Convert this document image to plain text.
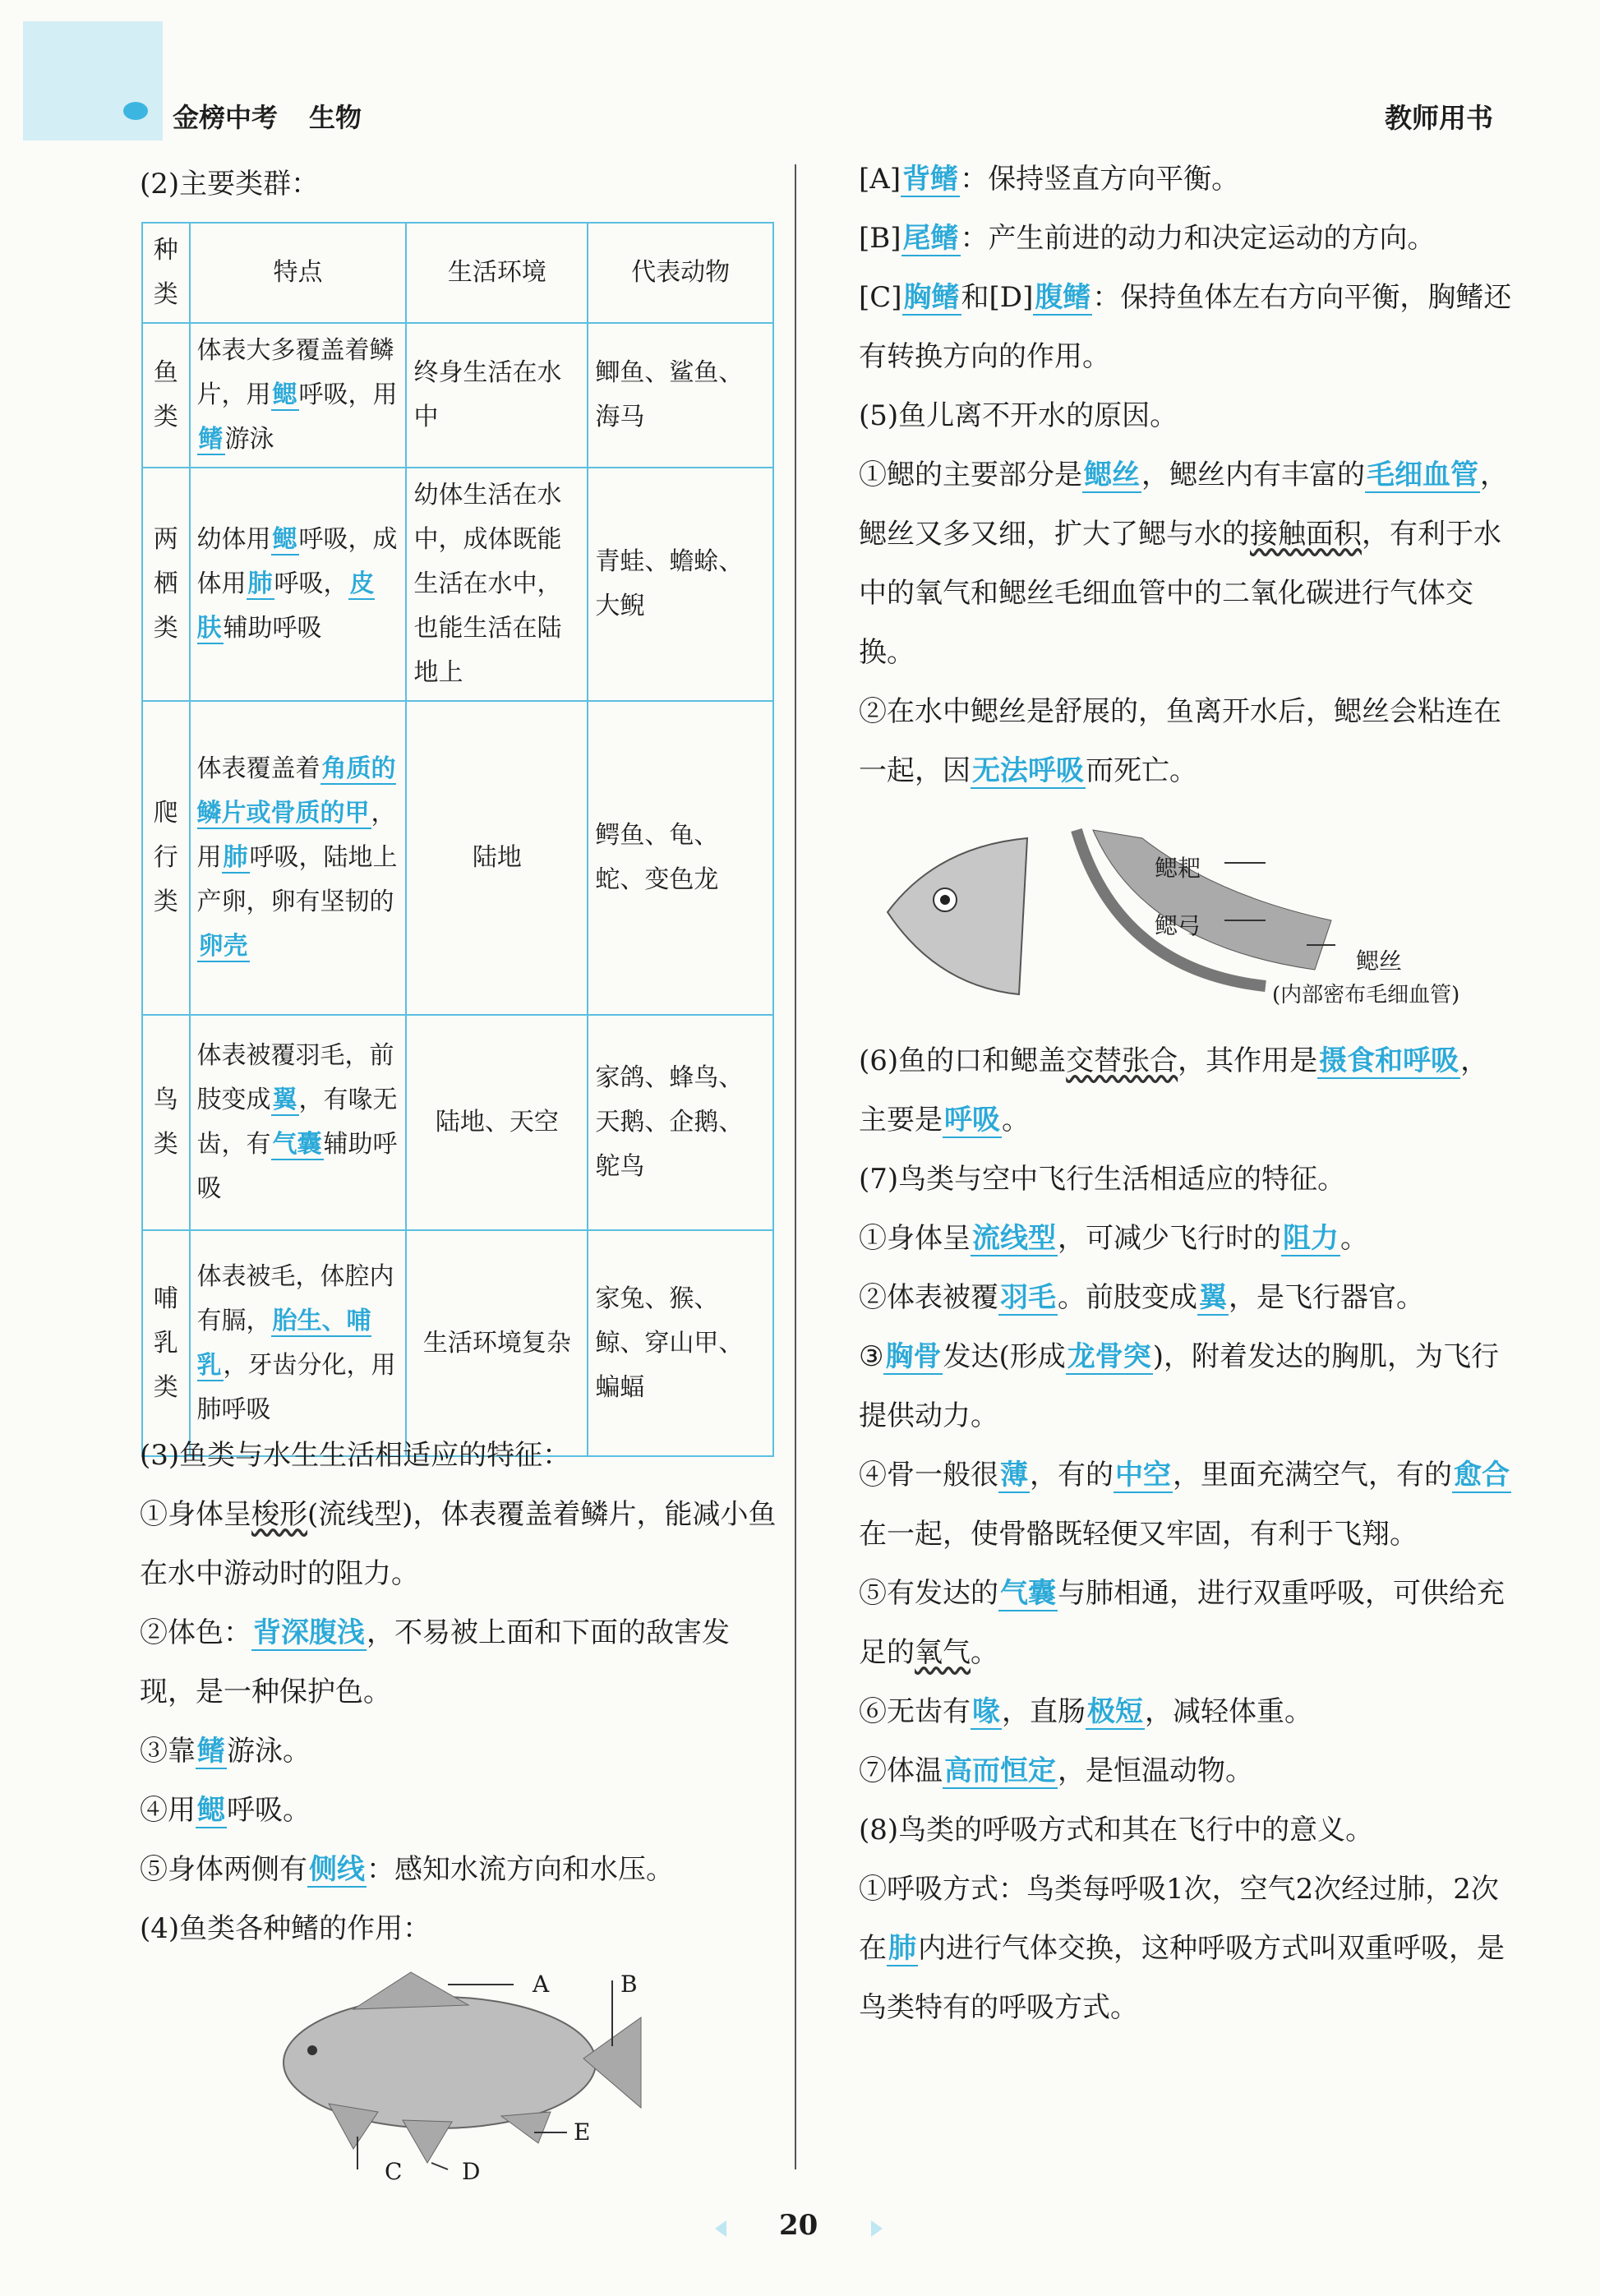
金榜中考 生物	教师用书

(2)主要类群：

种类	特点	生活环境	代表动物
鱼类	体表大多覆盖着鳞片，用鳃呼吸，用鳍游泳	终身生活在水中	鲫鱼、鲨鱼、海马
两栖类	幼体用鳃呼吸，成体用肺呼吸，皮肤辅助呼吸	幼体生活在水中，成体既能生活在水中，也能生活在陆地上	青蛙、蟾蜍、大鲵
爬行类	体表覆盖着角质的鳞片或骨质的甲，用肺呼吸，陆地上产卵，卵有坚韧的卵壳	陆地	鳄鱼、龟、蛇、变色龙
鸟类	体表被覆羽毛，前肢变成翼，有喙无齿，有气囊辅助呼吸	陆地、天空	家鸽、蜂鸟、天鹅、企鹅、鸵鸟
哺乳类	体表被毛，体腔内有膈，胎生、哺乳，牙齿分化，用肺呼吸	生活环境复杂	家兔、猴、鲸、穿山甲、蝙蝠

(3)鱼类与水生生活相适应的特征：

①身体呈梭形(流线型)，体表覆盖着鳞片，能减小鱼在水中游动时的阻力。

②体色：背深腹浅，不易被上面和下面的敌害发现，是一种保护色。

③靠鳍游泳。

④用鳃呼吸。

⑤身体两侧有侧线：感知水流方向和水压。

(4)鱼类各种鳍的作用：

A	B
E
C	D

[A]背鳍：保持竖直方向平衡。

[B]尾鳍：产生前进的动力和决定运动的方向。

[C]胸鳍和[D]腹鳍：保持鱼体左右方向平衡，胸鳍还有转换方向的作用。

(5)鱼儿离不开水的原因。

①鳃的主要部分是鳃丝，鳃丝内有丰富的毛细血管，鳃丝又多又细，扩大了鳃与水的接触面积，有利于水中的氧气和鳃丝毛细血管中的二氧化碳进行气体交换。

②在水中鳃丝是舒展的，鱼离开水后，鳃丝会粘连在一起，因无法呼吸而死亡。

鳃耙
鳃弓
鳃丝
(内部密布毛细血管)

(6)鱼的口和鳃盖交替张合，其作用是摄食和呼吸，主要是呼吸。

(7)鸟类与空中飞行生活相适应的特征。

①身体呈流线型，可减少飞行时的阻力。

②体表被覆羽毛。前肢变成翼，是飞行器官。

③胸骨发达(形成龙骨突)，附着发达的胸肌，为飞行提供动力。

④骨一般很薄，有的中空，里面充满空气，有的愈合在一起，使骨骼既轻便又牢固，有利于飞翔。

⑤有发达的气囊与肺相通，进行双重呼吸，可供给充足的氧气。

⑥无齿有喙，直肠极短，减轻体重。

⑦体温高而恒定，是恒温动物。

(8)鸟类的呼吸方式和其在飞行中的意义。

①呼吸方式：鸟类每呼吸1次，空气2次经过肺，2次在肺内进行气体交换，这种呼吸方式叫双重呼吸，是鸟类特有的呼吸方式。

20
